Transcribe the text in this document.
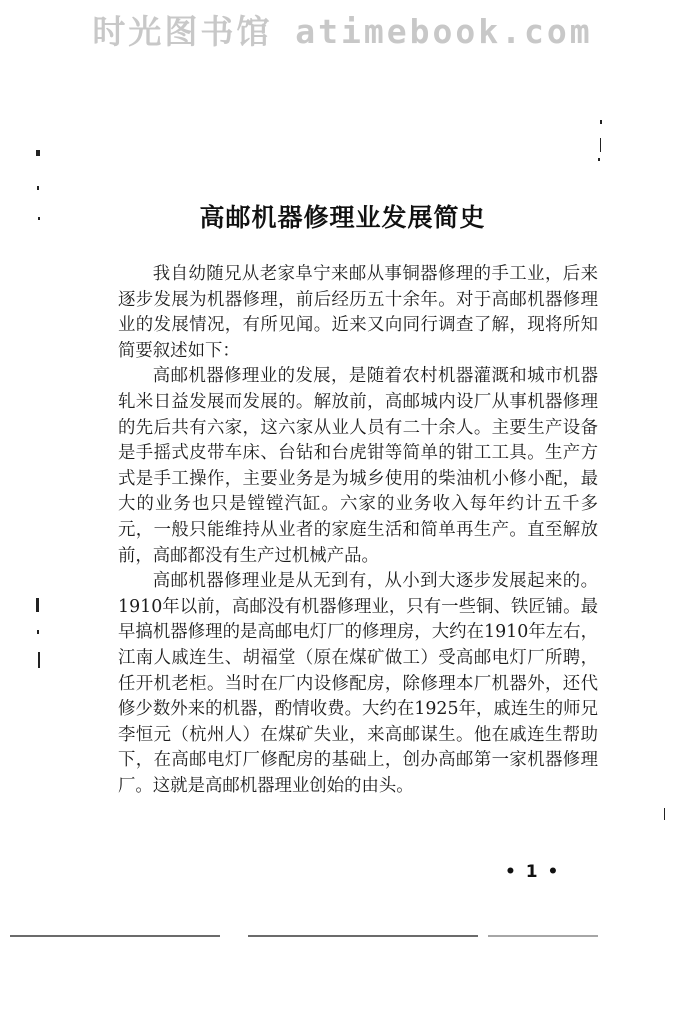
时光图书馆 atimebook.com
高邮机器修理业发展简史

我自幼随兄从老家阜宁来邮从事铜器修理的手工业，后来逐步发展为机器修理，前后经历五十余年。对于高邮机器修理业的发展情况，有所见闻。近来又向同行调查了解，现将所知简要叙述如下：

高邮机器修理业的发展，是随着农村机器灌溉和城市机器轧米日益发展而发展的。解放前，高邮城内设厂从事机器修理的先后共有六家，这六家从业人员有二十余人。主要生产设备是手摇式皮带车床、台钻和台虎钳等简单的钳工工具。生产方式是手工操作，主要业务是为城乡使用的柴油机小修小配，最大的业务也只是镗镗汽缸。六家的业务收入每年约计五千多元，一般只能维持从业者的家庭生活和简单再生产。直至解放前，高邮都没有生产过机械产品。

高邮机器修理业是从无到有，从小到大逐步发展起来的。1910年以前，高邮没有机器修理业，只有一些铜、铁匠铺。最早搞机器修理的是高邮电灯厂的修理房，大约在1910年左右，江南人戚连生、胡福堂（原在煤矿做工）受高邮电灯厂所聘，任开机老柜。当时在厂内设修配房，除修理本厂机器外，还代修少数外来的机器，酌情收费。大约在1925年，戚连生的师兄李恒元（杭州人）在煤矿失业，来高邮谋生。他在戚连生帮助下，在高邮电灯厂修配房的基础上，创办高邮第一家机器修理厂。这就是高邮机器理业创始的由头。

• 1 •
